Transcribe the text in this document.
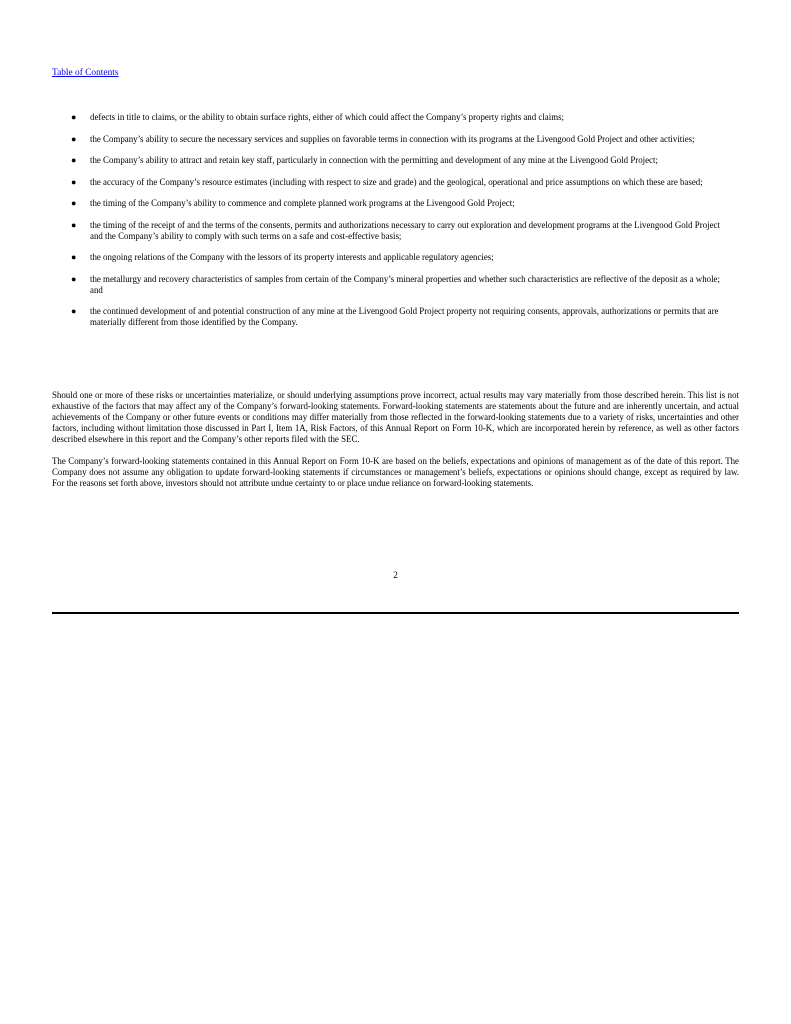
Table of Contents
● defects in title to claims, or the ability to obtain surface rights, either of which could affect the Company’s property rights and claims;
● the Company’s ability to secure the necessary services and supplies on favorable terms in connection with its programs at the Livengood Gold Project and other activities;
● the Company’s ability to attract and retain key staff, particularly in connection with the permitting and development of any mine at the Livengood Gold Project;
● the accuracy of the Company’s resource estimates (including with respect to size and grade) and the geological, operational and price assumptions on which these are based;
● the timing of the Company’s ability to commence and complete planned work programs at the Livengood Gold Project;
● the timing of the receipt of and the terms of the consents, permits and authorizations necessary to carry out exploration and development programs at the Livengood Gold Project and the Company’s ability to comply with such terms on a safe and cost-effective basis;
● the ongoing relations of the Company with the lessors of its property interests and applicable regulatory agencies;
● the metallurgy and recovery characteristics of samples from certain of the Company’s mineral properties and whether such characteristics are reflective of the deposit as a whole; and
● the continued development of and potential construction of any mine at the Livengood Gold Project property not requiring consents, approvals, authorizations or permits that are materially different from those identified by the Company.

Should one or more of these risks or uncertainties materialize, or should underlying assumptions prove incorrect, actual results may vary materially from those described herein. This list is not exhaustive of the factors that may affect any of the Company’s forward-looking statements. Forward-looking statements are statements about the future and are inherently uncertain, and actual achievements of the Company or other future events or conditions may differ materially from those reflected in the forward-looking statements due to a variety of risks, uncertainties and other factors, including without limitation those discussed in Part I, Item 1A, Risk Factors, of this Annual Report on Form 10-K, which are incorporated herein by reference, as well as other factors described elsewhere in this report and the Company’s other reports filed with the SEC.

The Company’s forward-looking statements contained in this Annual Report on Form 10-K are based on the beliefs, expectations and opinions of management as of the date of this report. The Company does not assume any obligation to update forward-looking statements if circumstances or management’s beliefs, expectations or opinions should change, except as required by law. For the reasons set forth above, investors should not attribute undue certainty to or place undue reliance on forward-looking statements.

2
